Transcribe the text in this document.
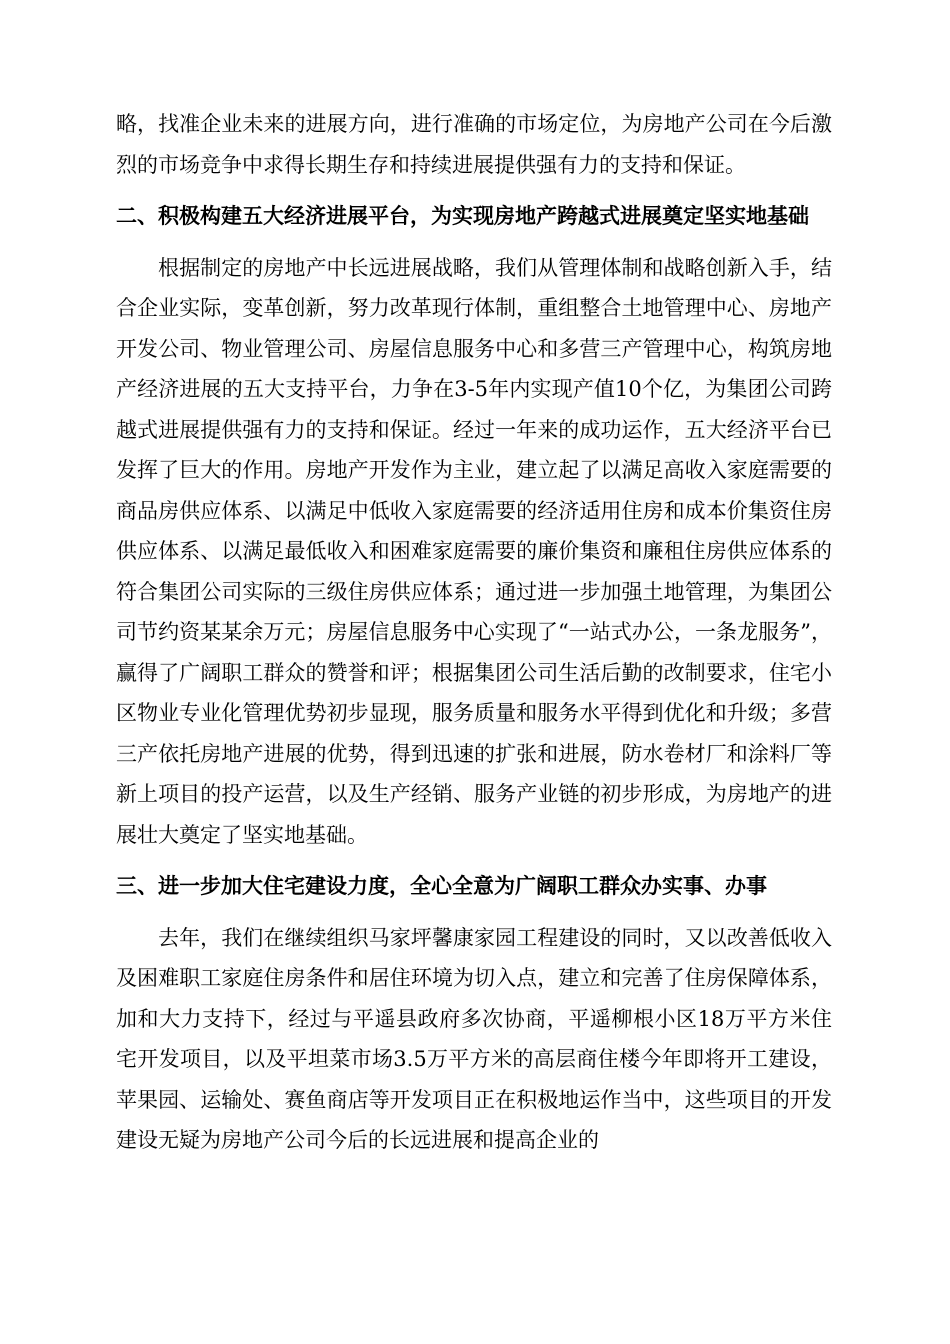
略，找准企业未来的进展方向，进行准确的市场定位，为房地产公司在今后激烈的市场竞争中求得长期生存和持续进展提供强有力的支持和保证。

二、积极构建五大经济进展平台，为实现房地产跨越式进展奠定坚实地基础

根据制定的房地产中长远进展战略，我们从管理体制和战略创新入手，结合企业实际，变革创新，努力改革现行体制，重组整合土地管理中心、房地产开发公司、物业管理公司、房屋信息服务中心和多营三产管理中心，构筑房地产经济进展的五大支持平台，力争在3-5年内实现产值10个亿，为集团公司跨越式进展提供强有力的支持和保证。经过一年来的成功运作，五大经济平台已发挥了巨大的作用。房地产开发作为主业，建立起了以满足高收入家庭需要的商品房供应体系、以满足中低收入家庭需要的经济适用住房和成本价集资住房供应体系、以满足最低收入和困难家庭需要的廉价集资和廉租住房供应体系的符合集团公司实际的三级住房供应体系；通过进一步加强土地管理，为集团公司节约资某某余万元；房屋信息服务中心实现了“一站式办公，一条龙服务”，赢得了广阔职工群众的赞誉和评；根据集团公司生活后勤的改制要求，住宅小区物业专业化管理优势初步显现，服务质量和服务水平得到优化和升级；多营三产依托房地产进展的优势，得到迅速的扩张和进展，防水卷材厂和涂料厂等新上项目的投产运营，以及生产经销、服务产业链的初步形成，为房地产的进展壮大奠定了坚实地基础。

三、进一步加大住宅建设力度，全心全意为广阔职工群众办实事、办事

去年，我们在继续组织马家坪馨康家园工程建设的同时，又以改善低收入及困难职工家庭住房条件和居住环境为切入点，建立和完善了住房保障体系，加和大力支持下，经过与平遥县政府多次协商，平遥柳根小区18万平方米住宅开发项目，以及平坦菜市场3.5万平方米的高层商住楼今年即将开工建设，苹果园、运输处、赛鱼商店等开发项目正在积极地运作当中，这些项目的开发建设无疑为房地产公司今后的长远进展和提高企业的
